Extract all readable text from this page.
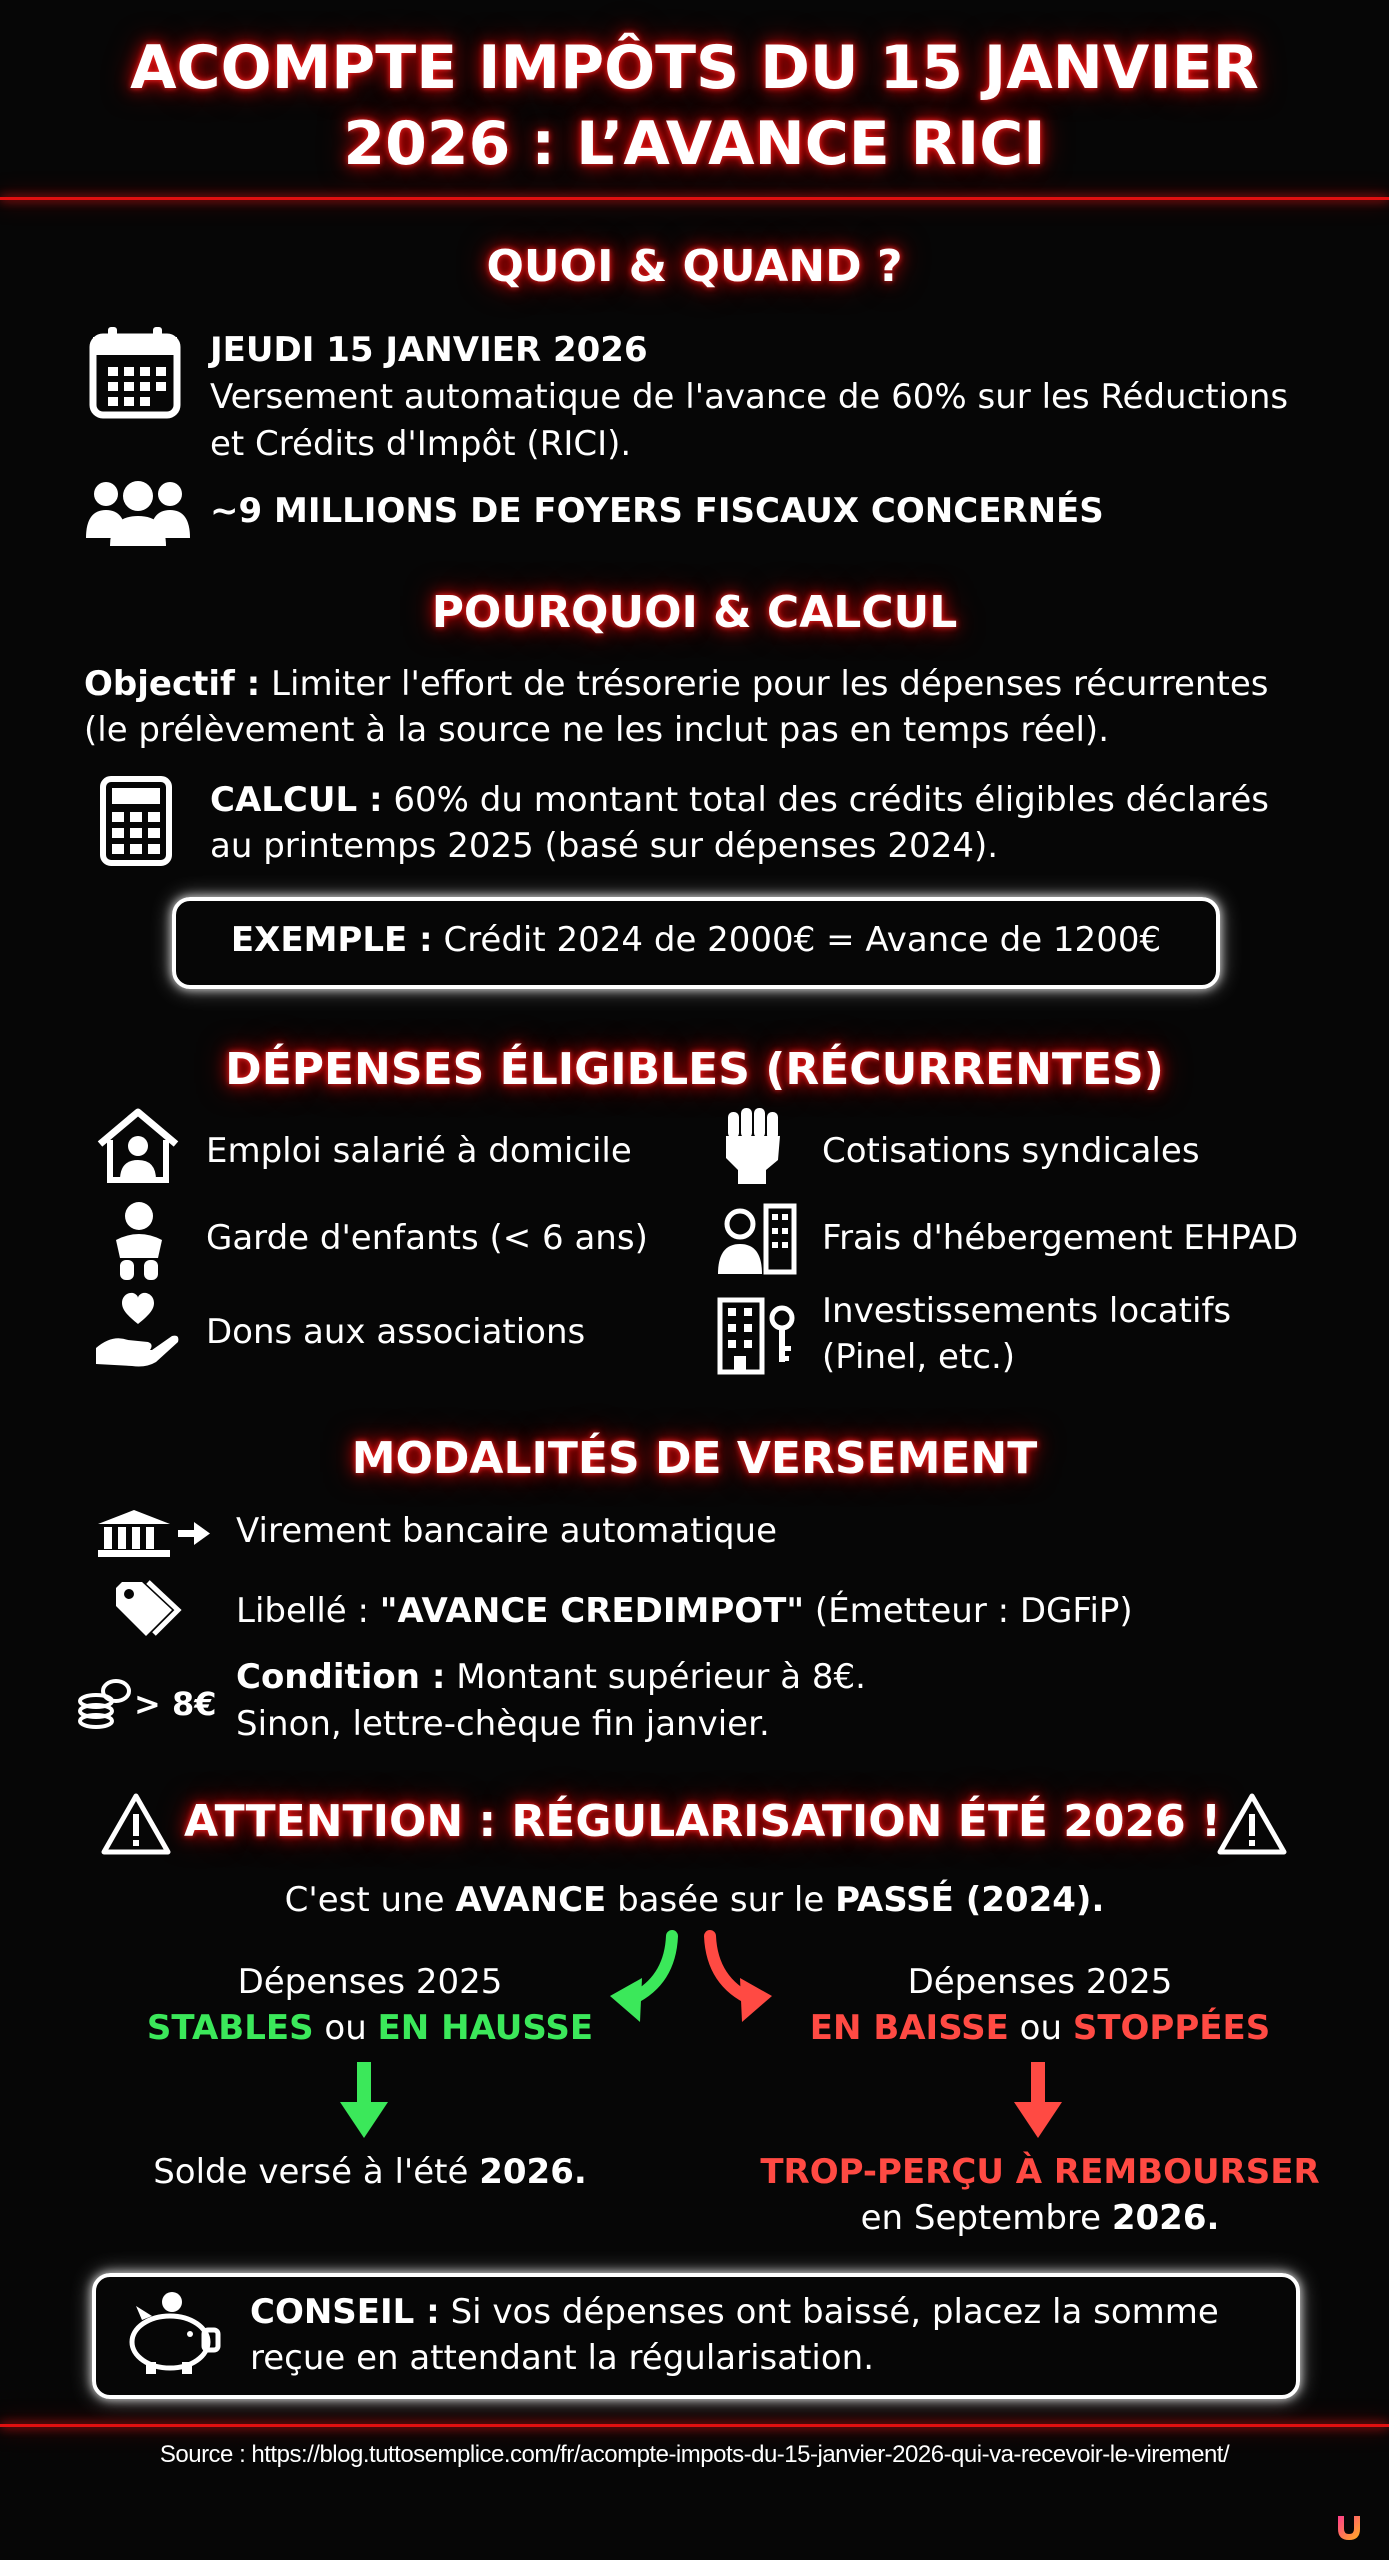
ACOMPTE IMPÔTS DU 15 JANVIER
2026 : L’AVANCE RICI
QUOI & QUAND ?
JEUDI 15 JANVIER 2026
Versement automatique de l'avance de 60% sur les Réductions
et Crédits d'Impôt (RICI).
~9 MILLIONS DE FOYERS FISCAUX CONCERNÉS
POURQUOI & CALCUL
Objectif : Limiter l'effort de trésorerie pour les dépenses récurrentes
(le prélèvement à la source ne les inclut pas en temps réel).
CALCUL : 60% du montant total des crédits éligibles déclarés
au printemps 2025 (basé sur dépenses 2024).
EXEMPLE : Crédit 2024 de 2000€ = Avance de 1200€
DÉPENSES ÉLIGIBLES (RÉCURRENTES)
Emploi salarié à domicile
Garde d'enfants (< 6 ans)
Dons aux associations
Cotisations syndicales
Frais d'hébergement EHPAD
Investissements locatifs
(Pinel, etc.)
MODALITÉS DE VERSEMENT
Virement bancaire automatique
Libellé : "AVANCE CREDIMPOT" (Émetteur : DGFiP)
> 8€
Condition : Montant supérieur à 8€.
Sinon, lettre-chèque fin janvier.
ATTENTION : RÉGULARISATION ÉTÉ 2026 !
C'est une AVANCE basée sur le PASSÉ (2024).
Dépenses 2025
STABLES ou EN HAUSSE
Dépenses 2025
EN BAISSE ou STOPPÉES
Solde versé à l'été 2026.	TROP-PERÇU À REMBOURSER
en Septembre 2026.
CONSEIL : Si vos dépenses ont baissé, placez la somme
reçue en attendant la régularisation.
Source : https://blog.tuttosemplice.com/fr/acompte-impots-du-15-janvier-2026-qui-va-recevoir-le-virement/
